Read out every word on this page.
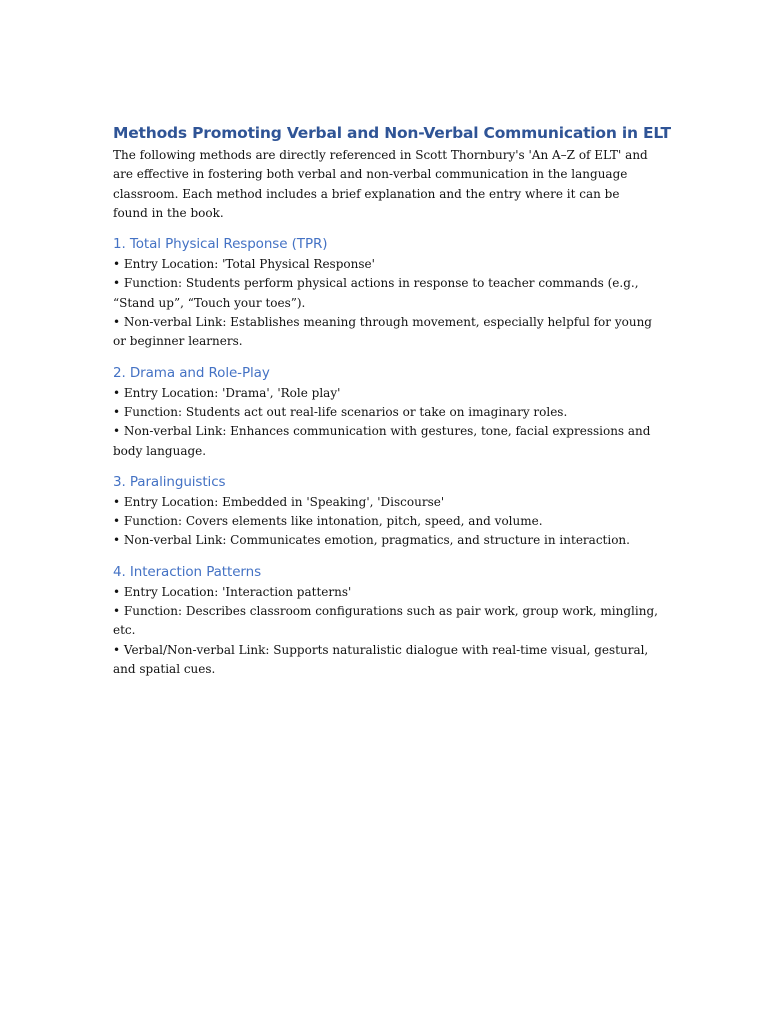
Methods Promoting Verbal and Non-Verbal Communication in ELT

The following methods are directly referenced in Scott Thornbury's 'An A–Z of ELT' and are effective in fostering both verbal and non-verbal communication in the language classroom. Each method includes a brief explanation and the entry where it can be found in the book.

1. Total Physical Response (TPR)

• Entry Location: 'Total Physical Response'

• Function: Students perform physical actions in response to teacher commands (e.g., “Stand up”, “Touch your toes”).

• Non-verbal Link: Establishes meaning through movement, especially helpful for young or beginner learners.

2. Drama and Role-Play

• Entry Location: 'Drama', 'Role play'

• Function: Students act out real-life scenarios or take on imaginary roles.

• Non-verbal Link: Enhances communication with gestures, tone, facial expressions and body language.

3. Paralinguistics

• Entry Location: Embedded in 'Speaking', 'Discourse'

• Function: Covers elements like intonation, pitch, speed, and volume.

• Non-verbal Link: Communicates emotion, pragmatics, and structure in interaction.

4. Interaction Patterns

• Entry Location: 'Interaction patterns'

• Function: Describes classroom configurations such as pair work, group work, mingling, etc.

• Verbal/Non-verbal Link: Supports naturalistic dialogue with real-time visual, gestural, and spatial cues.
